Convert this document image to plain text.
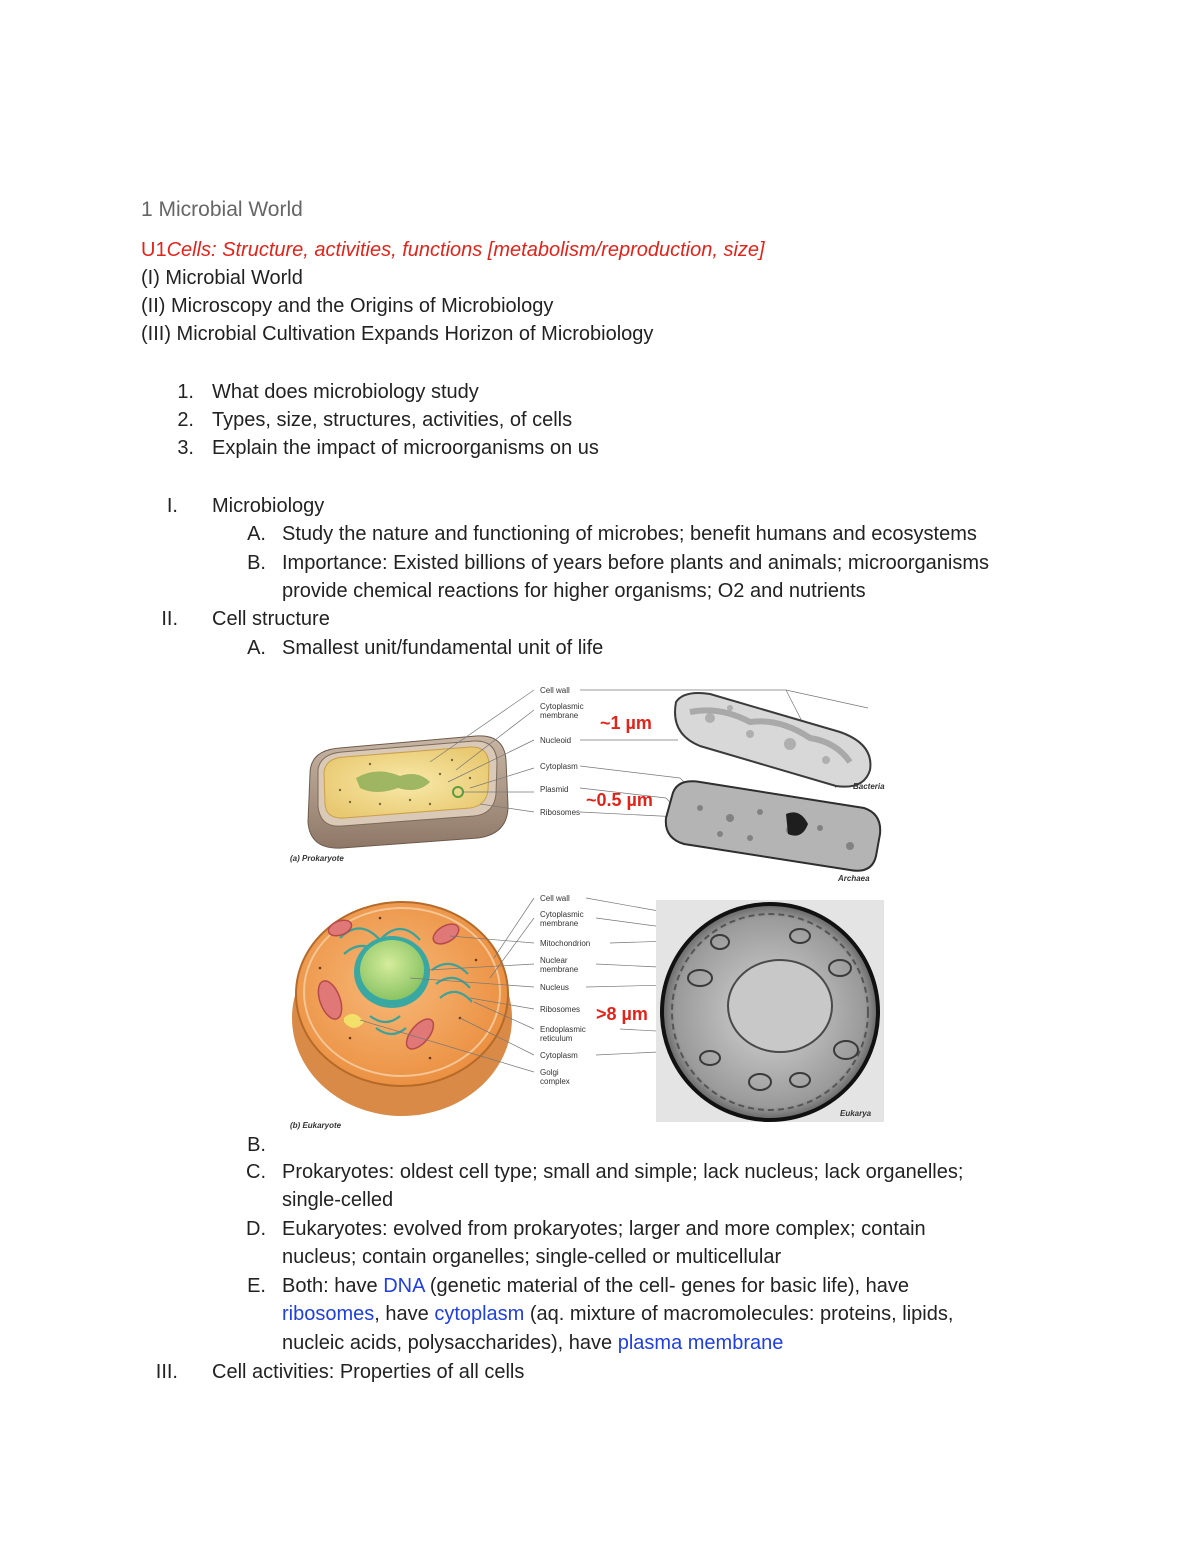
1 Microbial World
U1Cells: Structure, activities, functions [metabolism/reproduction, size]
(I) Microbial World
(II) Microscopy and the Origins of Microbiology
(III) Microbial Cultivation Expands Horizon of Microbiology
1. What does microbiology study
2. Types, size, structures, activities, of cells
3. Explain the impact of microorganisms on us
I. Microbiology
A. Study the nature and functioning of microbes; benefit humans and ecosystems
B. Importance: Existed billions of years before plants and animals; microorganisms
provide chemical reactions for higher organisms; O2 and nutrients
II. Cell structure
A. Smallest unit/fundamental unit of life
Cell wall
Cytoplasmic
membrane
Nucleoid
Cytoplasm
Plasmid
Ribosomes
(a) Prokaryote
~1 µm
Bacteria
~0.5 µm
Archaea
(b) Eukaryote
Cell wall
Cytoplasmic
membrane
Mitochondrion
Nuclear
membrane
Nucleus
Ribosomes
Endoplasmic
reticulum
Cytoplasm
Golgi
complex
>8 µm
Eukarya
B.
C. Prokaryotes: oldest cell type; small and simple; lack nucleus; lack organelles;
single-celled
D. Eukaryotes: evolved from prokaryotes; larger and more complex; contain
nucleus; contain organelles; single-celled or multicellular
E. Both: have DNA (genetic material of the cell- genes for basic life), have
ribosomes, have cytoplasm (aq. mixture of macromolecules: proteins, lipids,
nucleic acids, polysaccharides), have plasma membrane
III. Cell activities: Properties of all cells
